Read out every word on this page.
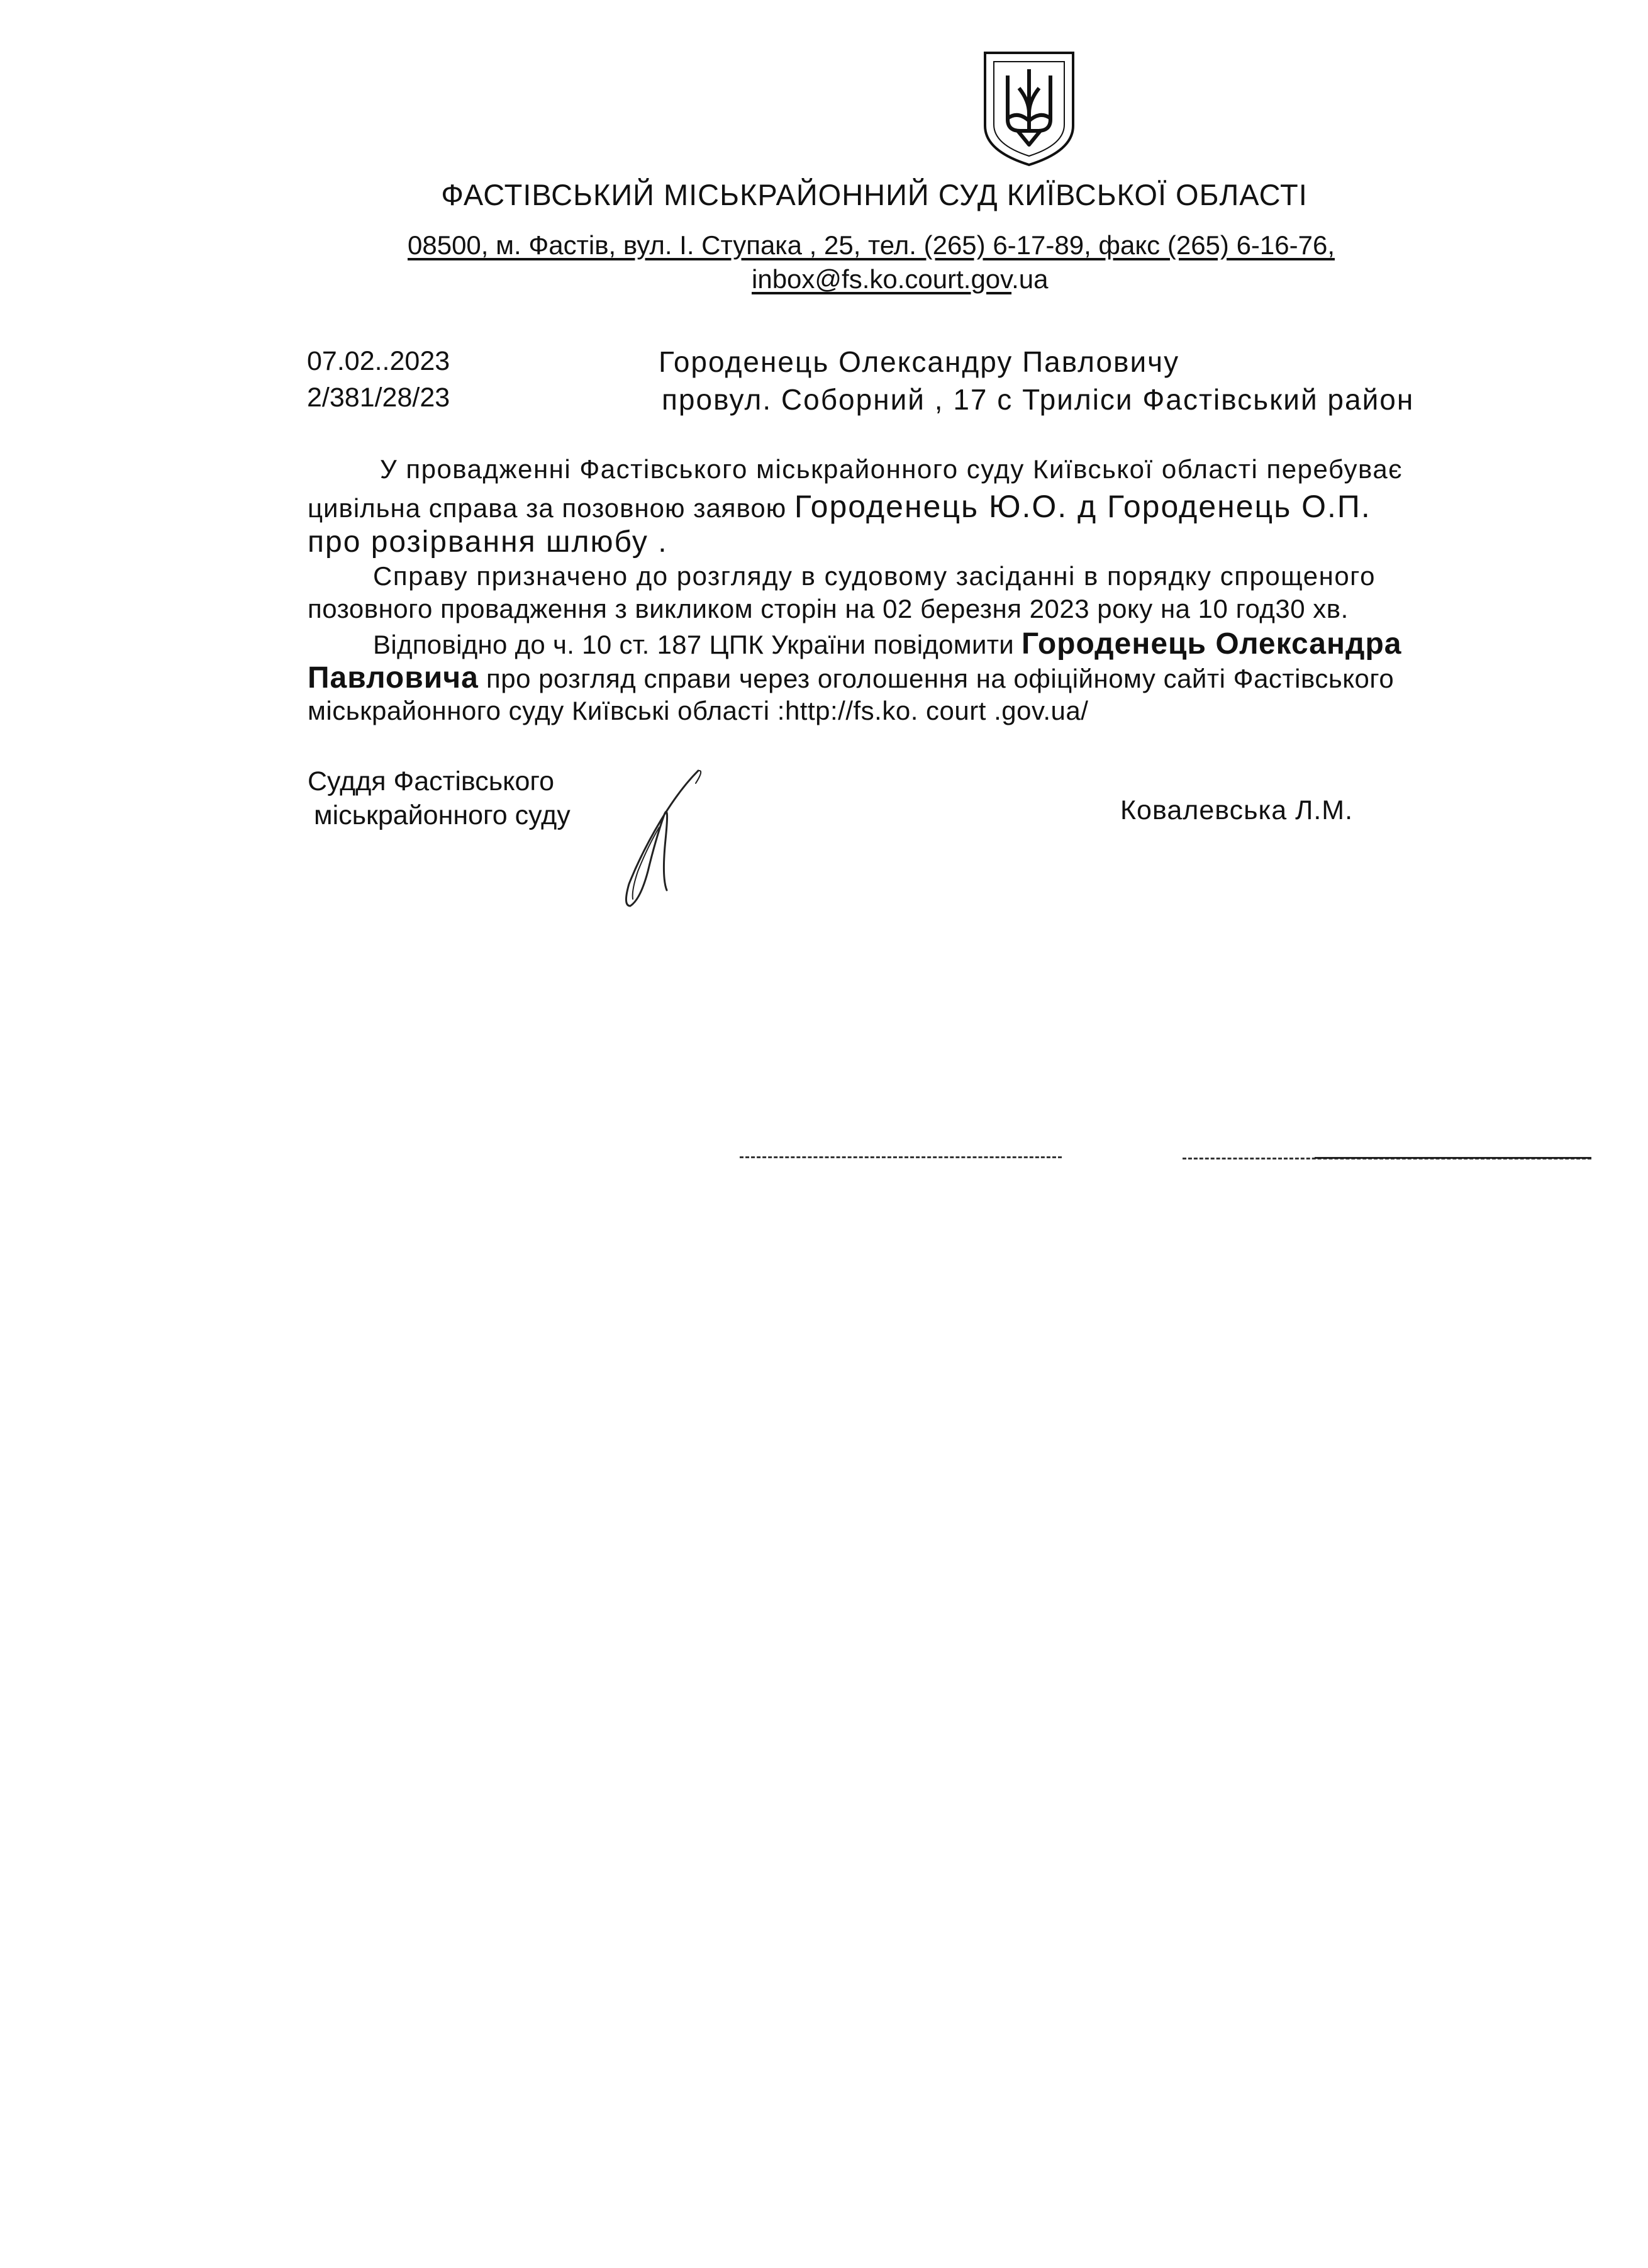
ФАСТІВСЬКИЙ МІСЬКРАЙОННИЙ СУД КИЇВСЬКОЇ ОБЛАСТІ
08500, м. Фастів, вул. І. Ступака , 25, тел. (265) 6-17-89, факс (265) 6-16-76,
inbox@fs.ko.court.gov.ua
07.02..2023
2/381/28/23
Городенець Олександру Павловичу
провул. Соборний , 17 с Триліси Фастівський район
У провадженні Фастівського міськрайонного суду Київської області перебуває
цивільна справа за позовною заявою Городенець Ю.О. д Городенець О.П.
про розірвання шлюбу .
Справу призначено до розгляду в судовому засіданні в порядку спрощеного
позовного провадження з викликом сторін на 02 березня 2023 року на 10 год30 хв.
Відповідно до ч. 10 ст. 187 ЦПК України повідомити Городенець Олександра
Павловича про розгляд справи через оголошення на офіційному сайті Фастівського
міськрайонного суду Київські області :http://fs.ko. court .gov.ua/
Суддя Фастівського
міськрайонного суду	Ковалевська Л.М.
